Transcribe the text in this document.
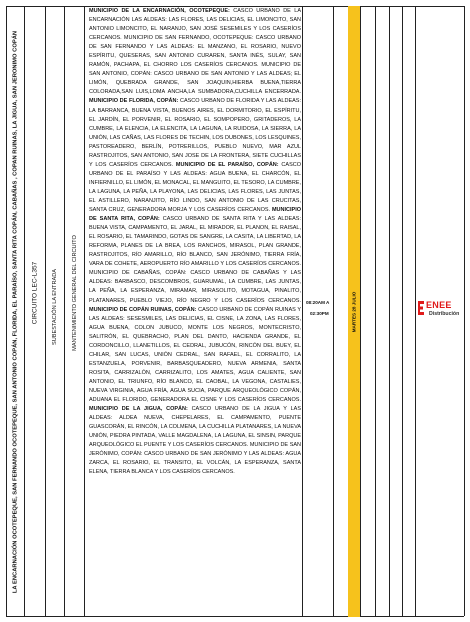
LA ENCARNACIÓN OCOTEPEQUE, SAN FERNANDO OCOTEPEQUE, SAN ANTONIO COPÁN, FLORIDA, EL PARAÍSO, SANTA RITA COPÁN, CABAÑAS , COPAN RUINAS, LA JIGUA, SAN JERONIMO COPÁN CIRCUITO LEC-L357 SUBESTACIÓN LA ENTRADA MANTENIMIENTO GENERAL DEL CIRCUITO
MUNICIPIO DE LA ENCARNACIÓN, OCOTEPEQUE: CASCO URBANO DE LA ENCARNACIÓN LAS ALDEAS: LAS FLORES, LAS DELICIAS, EL LIMONCITO, SAN ANTONIO LIMONCITO, EL NARANJO, SAN JOSÉ SESEMILES Y LOS CASERÍOS CERCANOS. MUNICIPIO DE SAN FERNANDO, OCOTEPEQUE: CASCO URBANO DE SAN FERNANDO Y LAS ALDEAS: EL MANZANO, EL ROSARIO, NUEVO ESPÍRITU, QUESERAS, SAN ANTONIO CURAREN, SANTA INÉS, SULAY, SAN RAMÓN, PACHAPA, EL CHORRO LOS CASERÍOS CERCANOS. MUNICIPIO DE SAN ANTONIO, COPÁN: CASCO URBANO DE SAN ANTONIO Y LAS ALDEAS; EL LIMÓN, QUEBRADA GRANDE, SAN JOAQUIN,HIERBA BUENA,TIERRA COLORADA,SAN LUIS,LOMA ANCHA,LA SUMBADORA,CUCHILLA ENCERRADA. MUNICIPIO DE FLORIDA, COPÁN: CASCO URBANO DE FLORIDA Y LAS ALDEAS: LA BARRANCA, BUENA VISTA, BUENOS AIRES, EL DORMITORIO, EL ESPÍRITU, EL JARDÍN, EL PORVENIR, EL ROSARIO, EL SOMPOPERO, GRITADEROS, LA CUMBRE, LA ELENCIA, LA ELENCITA, LA LAGUNA, LA RUIDOSA, LA SIERRA, LA UNIÓN, LAS CAÑAS, LAS FLORES DE TECHIN, LOS DUBONES, LOS LESQUINES, PASTOREADERO, BERLÍN, POTRERILLOS, PUEBLO NUEVO, MAR AZUL RASTROJITOS, SAN ANTONIO, SAN JOSE DE LA FRONTERA, SIETE CUCHILLAS Y LOS CASERÍOS CERCANOS. MUNICIPIO DE EL PARAÍSO, COPÁN: CASCO URBANO DE EL PARAÍSO Y LAS ALDEAS: AGUA BUENA, EL CHARCÓN, EL INFIERNILLO, EL LIMÓN, EL MONACAL, EL MANGUITO, EL TESORO, LA CUMBRE, LA LAGUNA, LA PEÑA, LA PLAYONA, LAS DELICIAS, LAS FLORES, LAS JUNTAS, EL ASTILLERO, NARANJITO, RÍO LINDO, SAN ANTONIO DE LAS CRUCITAS, SANTA CRUZ, GENERADORA MORJA Y LOS CASERÍOS CERCANOS. MUNICIPIO DE SANTA RITA, COPÁN: CASCO URBANO DE SANTA RITA Y LAS ALDEAS: BUENA VISTA, CAMPAMENTO, EL JARAL, EL MIRADOR, EL PLANON, EL RAISAL, EL ROSARIO, EL TAMARINDO, GOTAS DE SANGRE, LA CASITA, LA LIBERTAD, LA REFORMA, PLANES DE LA BREA, LOS RANCHOS, MIRASOL, PLAN GRANDE, RASTROJITOS, RÍO AMARILLO, RÍO BLANCO, SAN JERÓNIMO, TIERRA FRÍA, VARA DE COHETE, AEROPUERTO RÍO AMARILLO Y LOS CASERÍOS CERCANOS. MUNICIPIO DE CABAÑAS, COPÁN: CASCO URBANO DE CABAÑAS Y LAS ALDEAS: BARBASCO, DESCOMBROS, GUARUMAL, LA CUMBRE, LAS JUNTAS, LA PEÑA, LA ESPERANZA, MIRAMAR, MIRASOLITO, MOTAGUA, PINALITO, PLATANARES, PUEBLO VIEJO, RÍO NEGRO Y LOS CASERÍOS CERCANOS. MUNICIPIO DE COPÁN RUINAS, COPÁN: CASCO URBANO DE COPÁN RUINAS Y LAS ALDEAS: SESESMILES, LAS DELICIAS, EL CISNE, LA ZONA, LAS FLORES, AGUA BUENA, COLON JUBUCO, MONTE LOS NEGROS, MONTECRISTO, SALITRÓN, EL QUEBRACHO, PLAN DEL DANTO, HACIENDA GRANDE, EL CORDONCILLO, LLANETILLOS, EL CEDRAL, JUBUCÓN, RINCÓN DEL BUEY, EL CHILAR, SAN LUCAS, UNIÓN CEDRAL, SAN RAFAEL, EL CORRALITO, LA ESTANZUELA, PORVENIR, BARBASQUEADERO, NUEVA ARMENIA, SANTA ROSITA, CARRIZALÓN, CARRIZALITO, LOS AMATES, AGUA CALIENTE, SAN ANTONIO, EL TRIUNFO, RÍO BLANCO, EL CAOBAL, LA VEGONA, CASTALIES, NUEVA VIRGINIA, AGUA FRÍA, AGUA SUCIA, PARQUE ARQUEOLÓGICO COPÁN, ADUANA EL FLORIDO, GENERADORA EL CISNE Y LOS CASERÍOS CERCANOS. MUNICIPIO DE LA JIGUA, COPÁN: CASCO URBANO DE LA JIGUA Y LAS ALDEAS: ALDEA NUEVA, CHEPELARES, EL CAMPAMENTO, PUENTE GUASCORÁN, EL RINCÓN, LA COLMENA, LA CUCHILLA PLATANARES, LA NUEVA UNIÓN, PIEDRA PINTADA, VALLE MAGDALENA, LA LAGUNA, EL SINSIN, PARQUE ARQUEOLÓGICO EL PUENTE Y LOS CASERÍOS CERCANOS. MUNICIPIO DE SAN JERÓNIMO, COPÁN: CASCO URBANO DE SAN JERÓNIMO Y LAS ALDEAS: AGUA ZARCA, EL ROSARIO, EL TRANSITO, EL VOLCÁN, LA ESPERANZA, SANTA ELENA, TIERRA BLANCA Y LOS CASERÍOS CERCANOS.
08:20AM A
02:30PM	MARTES 28 JULIO	ENEE
Distribución
